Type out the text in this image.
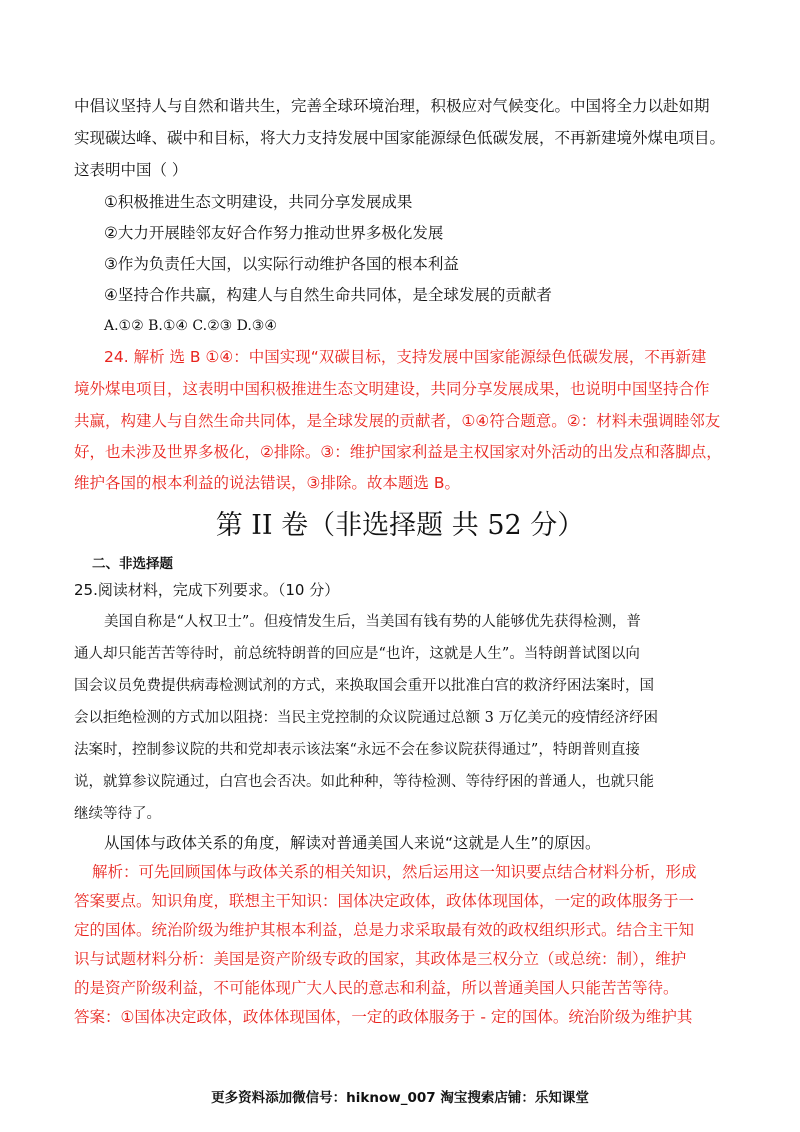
中倡议坚持人与自然和谐共生，完善全球环境治理，积极应对气候变化。中国将全力以赴如期
实现碳达峰、碳中和目标，将大力支持发展中国家能源绿色低碳发展，不再新建境外煤电项目。
这表明中国（ ）
①积极推进生态文明建设，共同分享发展成果
②大力开展睦邻友好合作努力推动世界多极化发展
③作为负责任大国，以实际行动维护各国的根本利益
④坚持合作共赢，构建人与自然生命共同体，是全球发展的贡献者
A.①② B.①④ C.②③ D.③④
24. 解析 选 B ①④：中国实现“双碳目标，支持发展中国家能源绿色低碳发展，不再新建
境外煤电项目，这表明中国积极推进生态文明建设，共同分享发展成果，也说明中国坚持合作
共赢，构建人与自然生命共同体，是全球发展的贡献者，①④符合题意。②：材料未强调睦邻友
好，也未涉及世界多极化，②排除。③：维护国家利益是主权国家对外活动的出发点和落脚点，
维护各国的根本利益的说法错误，③排除。故本题选 B。
第 II 卷（非选择题 共 52 分）
二、非选择题
25.阅读材料，完成下列要求。（10 分）
美国自称是“人权卫士”。但疫情发生后，当美国有钱有势的人能够优先获得检测，普
通人却只能苦苦等待时，前总统特朗普的回应是“也许，这就是人生”。当特朗普试图以向
国会议员免费提供病毒检测试剂的方式，来换取国会重开以批准白宫的救济纾困法案时，国
会以拒绝检测的方式加以阻挠：当民主党控制的众议院通过总额 3 万亿美元的疫情经济纾困
法案时，控制参议院的共和党却表示该法案“永远不会在参议院获得通过”，特朗普则直接
说，就算参议院通过，白宫也会否决。如此种种，等待检测、等待纾困的普通人，也就只能
继续等待了。
从国体与政体关系的角度，解读对普通美国人来说“这就是人生”的原因。
解析：可先回顾国体与政体关系的相关知识，然后运用这一知识要点结合材料分析，形成
答案要点。知识角度，联想主干知识：国体决定政体，政体体现国体，一定的政体服务于一
定的国体。统治阶级为维护其根本利益，总是力求采取最有效的政权组织形式。结合主干知
识与试题材料分析：美国是资产阶级专政的国家，其政体是三权分立（或总统：制），维护
的是资产阶级利益，不可能体现广大人民的意志和利益，所以普通美国人只能苦苦等待。
答案：①国体决定政体，政体体现国体，一定的政体服务于 - 定的国体。统治阶级为维护其
更多资料添加微信号：hiknow_007 淘宝搜索店铺：乐知课堂
